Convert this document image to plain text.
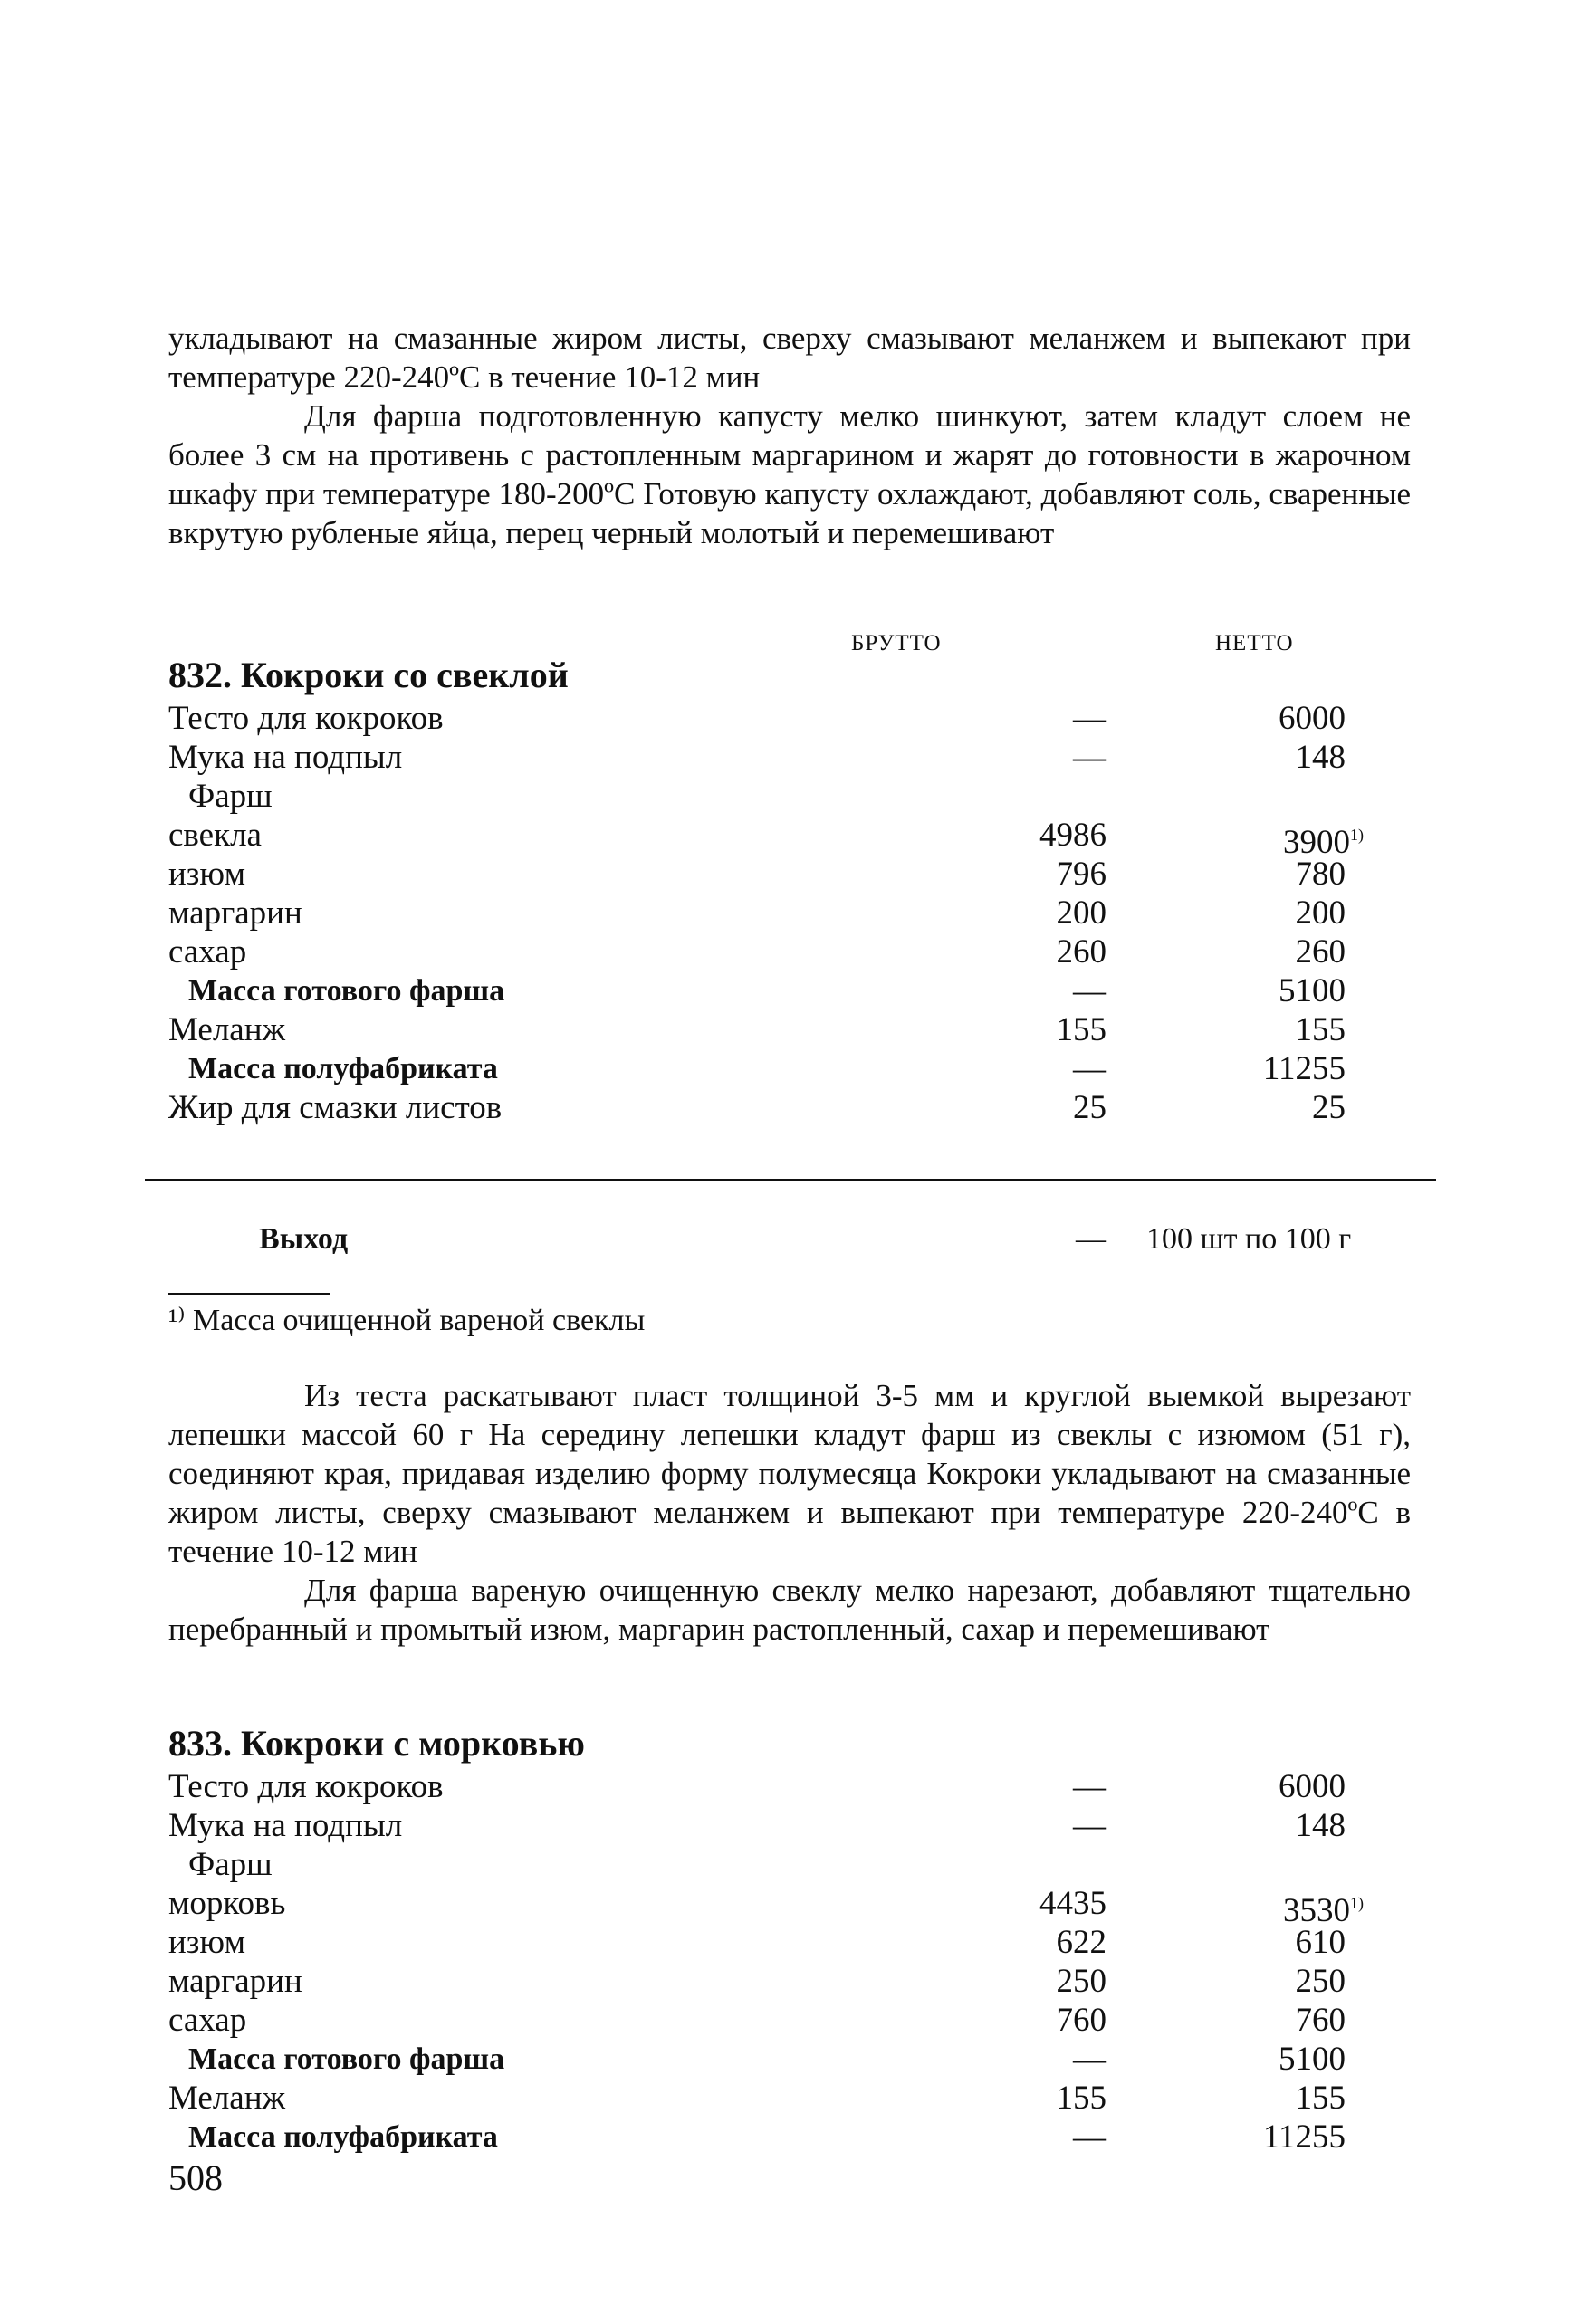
укладывают на смазанные жиром листы, сверху смазывают меланжем и выпекают при температуре 220-240ºС в течение 10-12 мин

Для фарша подготовленную капусту мелко шинкуют, затем кладут слоем не более 3 см на противень с растопленным маргарином и жарят до готовности в жарочном шкафу при температуре 180-200ºС Готовую капусту охлаждают, добавляют соль, сваренные вкрутую рубленые яйца, перец черный молотый и перемешивают

БРУТТО	НЕТТО
832. Кокроки со свеклой
Тесто для кокроков	—	6000
Мука на подпыл	—	148
Фарш
свекла	4986	3900$^{1)}$
изюм	796	780
маргарин	200	200
сахар	260	260
Масса готового фарша	—	5100
Меланж	155	155
Масса полуфабриката	—	11255
Жир для смазки листов	25	25
Выход	— 100 шт по 100 г
¹⁾ Масса очищенной вареной свеклы

Из теста раскатывают пласт толщиной 3-5 мм и круглой выемкой вырезают лепешки массой 60 г На середину лепешки кладут фарш из свеклы с изюмом (51 г), соединяют края, придавая изделию форму полумесяца Кокроки укладывают на смазанные жиром листы, сверху смазывают меланжем и выпекают при температуре 220-240ºС в течение 10-12 мин

Для фарша вареную очищенную свеклу мелко нарезают, добавляют тщательно перебранный и промытый изюм, маргарин растопленный, сахар и перемешивают

833. Кокроки с морковью
Тесто для кокроков	—	6000
Мука на подпыл	—	148
Фарш
морковь	4435	3530$^{1)}$
изюм	622	610
маргарин	250	250
сахар	760	760
Масса готового фарша	—	5100
Меланж	155	155
Масса полуфабриката	—	11255
508
